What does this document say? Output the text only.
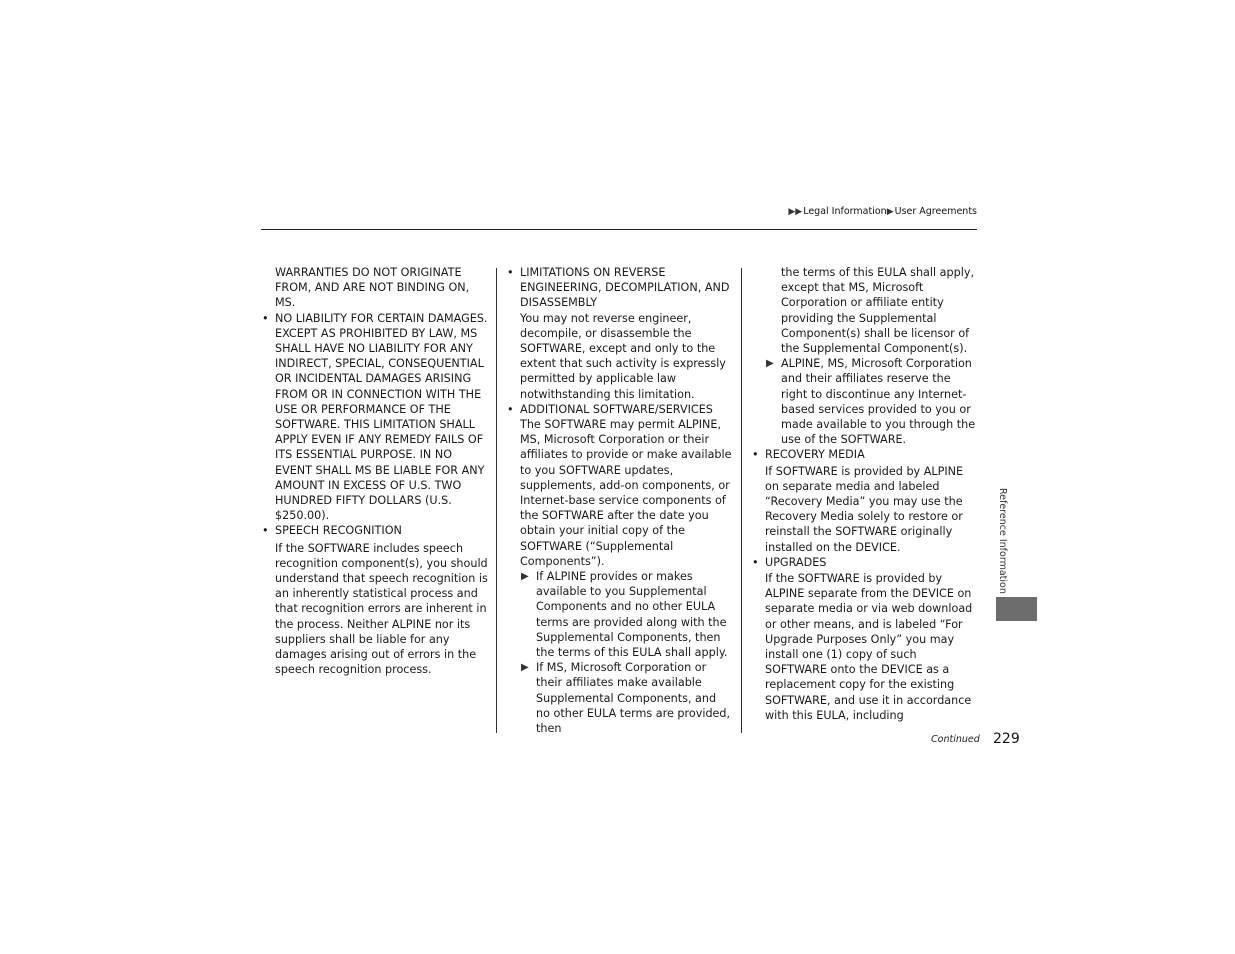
▶▶Legal Information▶User Agreements

WARRANTIES DO NOT ORIGINATE FROM, AND ARE NOT BINDING ON, MS.

• NO LIABILITY FOR CERTAIN DAMAGES. EXCEPT AS PROHIBITED BY LAW, MS SHALL HAVE NO LIABILITY FOR ANY INDIRECT, SPECIAL, CONSEQUENTIAL OR INCIDENTAL DAMAGES ARISING FROM OR IN CONNECTION WITH THE USE OR PERFORMANCE OF THE SOFTWARE. THIS LIMITATION SHALL APPLY EVEN IF ANY REMEDY FAILS OF ITS ESSENTIAL PURPOSE. IN NO EVENT SHALL MS BE LIABLE FOR ANY AMOUNT IN EXCESS OF U.S. TWO HUNDRED FIFTY DOLLARS (U.S. $250.00).

• SPEECH RECOGNITION

If the SOFTWARE includes speech recognition component(s), you should understand that speech recognition is an inherently statistical process and that recognition errors are inherent in the process. Neither ALPINE nor its suppliers shall be liable for any damages arising out of errors in the speech recognition process.

• LIMITATIONS ON REVERSE ENGINEERING, DECOMPILATION, AND DISASSEMBLY

You may not reverse engineer, decompile, or disassemble the SOFTWARE, except and only to the extent that such activity is expressly permitted by applicable law notwithstanding this limitation.

• ADDITIONAL SOFTWARE/SERVICES

The SOFTWARE may permit ALPINE, MS, Microsoft Corporation or their affiliates to provide or make available to you SOFTWARE updates, supplements, add-on components, or Internet-base service components of the SOFTWARE after the date you obtain your initial copy of the SOFTWARE (“Supplemental Components”).

▶ If ALPINE provides or makes available to you Supplemental Components and no other EULA terms are provided along with the Supplemental Components, then the terms of this EULA shall apply.

▶ If MS, Microsoft Corporation or their affiliates make available Supplemental Components, and no other EULA terms are provided, then

the terms of this EULA shall apply, except that MS, Microsoft Corporation or affiliate entity providing the Supplemental Component(s) shall be licensor of the Supplemental Component(s).

▶ ALPINE, MS, Microsoft Corporation and their affiliates reserve the right to discontinue any Internet-based services provided to you or made available to you through the use of the SOFTWARE.

• RECOVERY MEDIA

If SOFTWARE is provided by ALPINE on separate media and labeled “Recovery Media” you may use the Recovery Media solely to restore or reinstall the SOFTWARE originally installed on the DEVICE.

• UPGRADES

If the SOFTWARE is provided by ALPINE separate from the DEVICE on separate media or via web download or other means, and is labeled “For Upgrade Purposes Only” you may install one (1) copy of such SOFTWARE onto the DEVICE as a replacement copy for the existing SOFTWARE, and use it in accordance with this EULA, including

Reference Information
Continued 229
